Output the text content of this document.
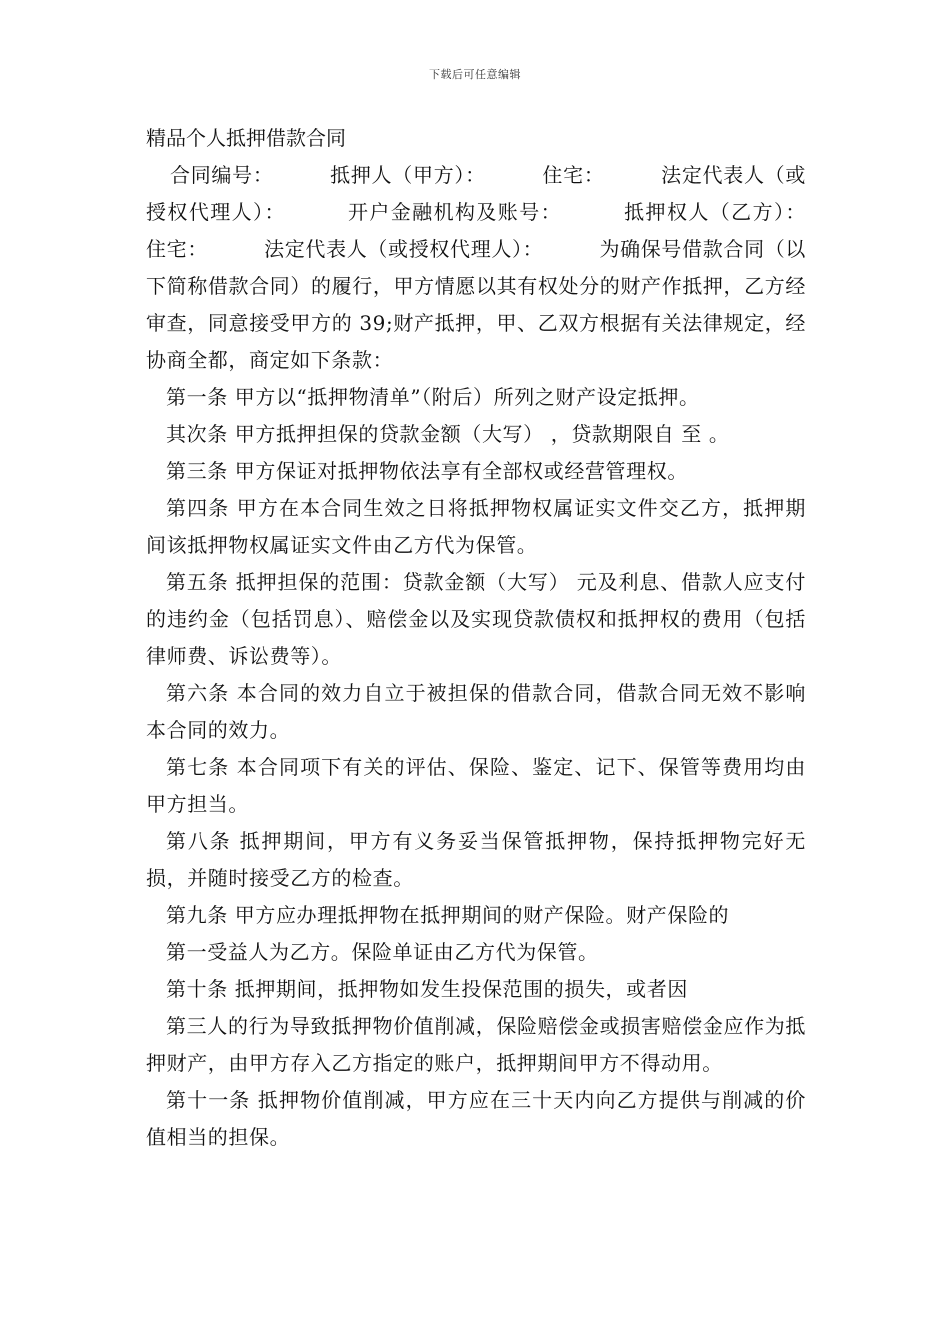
下载后可任意编辑
精品个人抵押借款合同

合同编号：        抵押人（甲方）：        住宅：        法定代表人（或授权代理人）：        开户金融机构及账号：        抵押权人（乙方）：        住宅：        法定代表人（或授权代理人）：        为确保号借款合同（以下简称借款合同）的履行，甲方情愿以其有权处分的财产作抵押，乙方经审查，同意接受甲方的 39;财产抵押，甲、乙双方根据有关法律规定，经协商全都，商定如下条款：

第一条 甲方以“抵押物清单”（附后）所列之财产设定抵押。

其次条 甲方抵押担保的贷款金额（大写） ，贷款期限自 至 。

第三条 甲方保证对抵押物依法享有全部权或经营管理权。

第四条 甲方在本合同生效之日将抵押物权属证实文件交乙方，抵押期间该抵押物权属证实文件由乙方代为保管。

第五条 抵押担保的范围：贷款金额（大写） 元及利息、借款人应支付的违约金（包括罚息）、赔偿金以及实现贷款债权和抵押权的费用（包括律师费、诉讼费等）。

第六条 本合同的效力自立于被担保的借款合同，借款合同无效不影响本合同的效力。

第七条 本合同项下有关的评估、保险、鉴定、记下、保管等费用均由甲方担当。

第八条 抵押期间，甲方有义务妥当保管抵押物，保持抵押物完好无损，并随时接受乙方的检查。

第九条 甲方应办理抵押物在抵押期间的财产保险。财产保险的

第一受益人为乙方。保险单证由乙方代为保管。

第十条 抵押期间，抵押物如发生投保范围的损失，或者因

第三人的行为导致抵押物价值削减，保险赔偿金或损害赔偿金应作为抵押财产，由甲方存入乙方指定的账户，抵押期间甲方不得动用。

第十一条 抵押物价值削减，甲方应在三十天内向乙方提供与削减的价值相当的担保。
